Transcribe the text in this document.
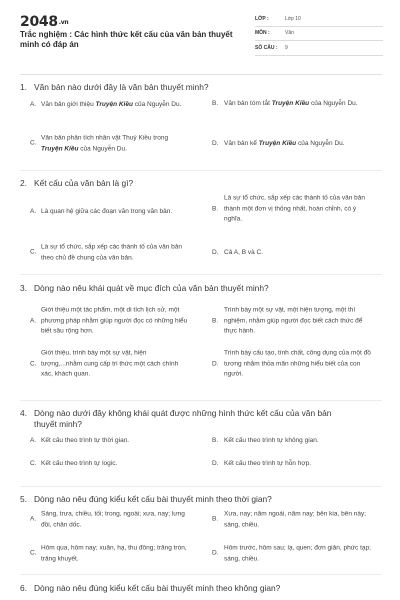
2048.vn
Trắc nghiệm : Các hình thức kết cấu của văn bản thuyết minh có đáp án
LỚP :	Lớp 10
MÔN :	Văn
SỐ CÂU :	9
1. Văn bản nào dưới đây là văn bản thuyết minh?
A. Văn bản giới thiệu Truyện Kiều của Nguyễn Du.	B. Văn bản tóm tắt Truyện Kiều của Nguyễn Du.
C.
Văn bản phân tích nhân vật Thuý Kiều trong Truyện Kiều của Nguyễn Du.
D. Văn bản kể Truyện Kiều của Nguyễn Du.
2. Kết cấu của văn bản là gì?
A. Là quan hệ giữa các đoạn văn trong văn bản.	B.
Là sự tổ chức, sắp xếp các thành tố của văn bản thành một đơn vị thống nhất, hoàn chỉnh, có ý nghĩa.
C.
Là sự tổ chức, sắp xếp các thành tố của văn bản theo chủ đề chung của văn bản.
D. Cả A, B và C.
3. Dòng nào nêu khái quát về mục đích của văn bản thuyết minh?
A.
Giới thiệu một tác phẩm, một di tích lịch sử, một phương pháp nhằm giúp người đọc có những hiểu biết sâu rộng hơn.
B.
Trình bày một sự vật, một hiện tượng, một thí nghiệm, nhằm giúp người đọc biết cách thức để thực hành.
C.
Giới thiệu, trình bày một sự vật, hiện tượng,...nhằm cung cấp tri thức một cách chính xác, khách quan.
D.
Trình bày cấu tạo, tính chất, công dụng của một đồ tương nhằm thỏa mãn những hiểu biết của con người.
4. Dòng nào dưới đây không khái quát được những hình thức kết cấu của văn bản thuyết minh?
A. Kết cấu theo trình tự thời gian.	B. Kết cấu theo trình tự không gian.
C. Kết cấu theo trình tự logic.	D. Kết cấu theo trình tự hỗn hợp.
5. Dòng nào nêu đúng kiểu kết cấu bài thuyết minh theo thời gian?
A.
Sáng, trưa, chiều, tối; trong, ngoài; xưa, nay; lưng đồi, chân dốc.
B.
Xưa, nay; năm ngoái, năm nay; bên kia, bên này; sáng, chiều.
C.
Hôm qua, hôm nay; xuân, hạ, thu đông; trăng tròn, trăng khuyết.
D.
Hôm trước, hôm sau; lạ, quen; đơn giản, phức tạp; sáng, chiều.
6. Dòng nào nêu đúng kiểu kết cấu bài thuyết minh theo không gian?
